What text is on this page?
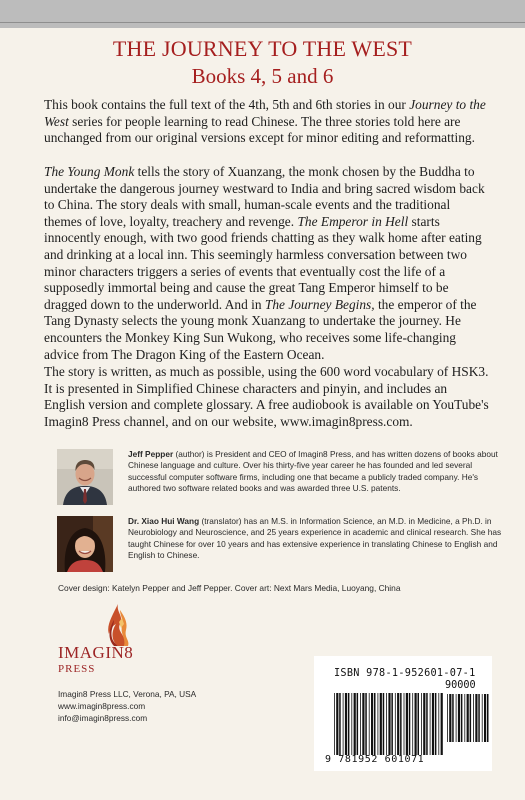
THE JOURNEY TO THE WEST
Books 4, 5 and 6

This book contains the full text of the 4th, 5th and 6th stories in our Journey to the West series for people learning to read Chinese. The three stories told here are unchanged from our original versions except for minor editing and reformatting.

The Young Monk tells the story of Xuanzang, the monk chosen by the Buddha to undertake the dangerous journey westward to India and bring sacred wisdom back to China. The story deals with small, human-scale events and the traditional themes of love, loyalty, treachery and revenge. The Emperor in Hell starts innocently enough, with two good friends chatting as they walk home after eating and drinking at a local inn. This seemingly harmless conversation between two minor characters triggers a series of events that eventually cost the life of a supposedly immortal being and cause the great Tang Emperor himself to be dragged down to the underworld. And in The Journey Begins, the emperor of the Tang Dynasty selects the young monk Xuanzang to undertake the journey. He encounters the Monkey King Sun Wukong, who receives some life-changing advice from The Dragon King of the Eastern Ocean.

The story is written, as much as possible, using the 600 word vocabulary of HSK3. It is presented in Simplified Chinese characters and pinyin, and includes an English version and complete glossary. A free audiobook is available on YouTube's Imagin8 Press channel, and on our website, www.imagin8press.com.

Jeff Pepper (author) is President and CEO of Imagin8 Press, and has written dozens of books about Chinese language and culture. Over his thirty-five year career he has founded and led several successful computer software firms, including one that became a publicly traded company. He's authored two software related books and was awarded three U.S. patents.
Dr. Xiao Hui Wang (translator) has an M.S. in Information Science, an M.D. in Medicine, a Ph.D. in Neurobiology and Neuroscience, and 25 years experience in academic and clinical research. She has taught Chinese for over 10 years and has extensive experience in translating Chinese to English and English to Chinese.
Cover design: Katelyn Pepper and Jeff Pepper. Cover art: Next Mars Media, Luoyang, China
IMAGIN8
PRESS
Imagin8 Press LLC, Verona, PA, USA
www.imagin8press.com
info@imagin8press.com
ISBN 978-1-952601-07-1
90000
9 781952 601071
